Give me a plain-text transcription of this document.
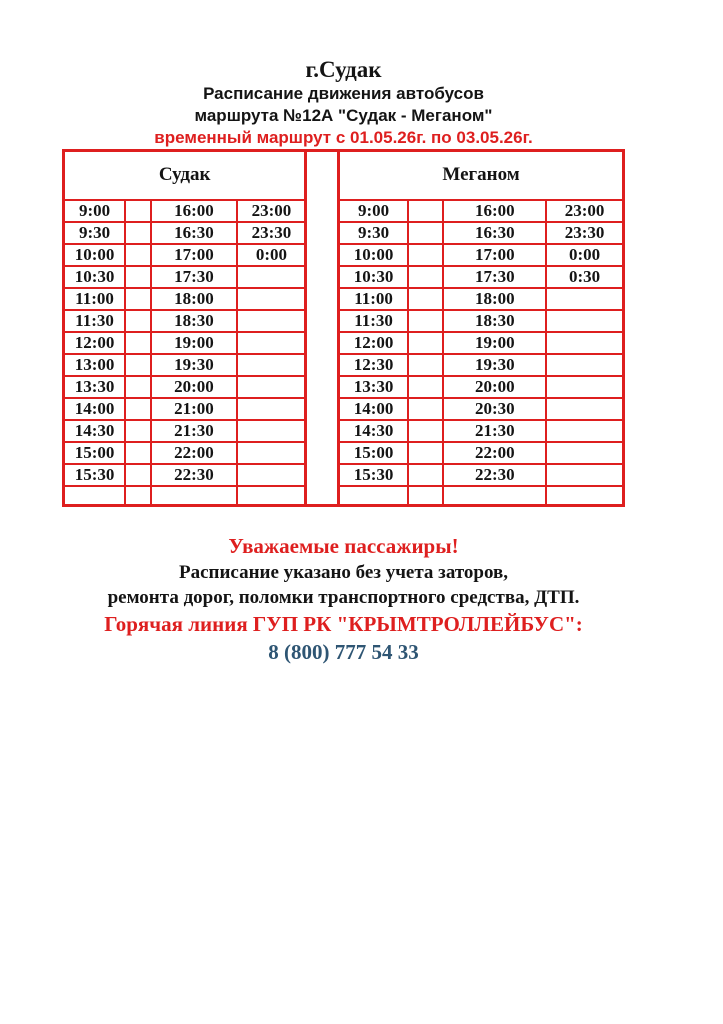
г.Судак
Расписание движения автобусов
маршрута №12А "Судак - Меганом"
временный маршрут с 01.05.26г. по 03.05.26г.
Судак			
9:00		16:00	23:00
9:30		16:30	23:30
10:00		17:00	0:00
10:30		17:30	
11:00		18:00	
11:30		18:30	
12:00		19:00	
13:00		19:30	
13:30		20:00	
14:00		21:00	
14:30		21:30	
15:00		22:00	
15:30		22:30	

Меганом			
9:00		16:00	23:00
9:30		16:30	23:30
10:00		17:00	0:00
10:30		17:30	0:30
11:00		18:00	
11:30		18:30	
12:00		19:00	
12:30		19:30	
13:30		20:00	
14:00		20:30	
14:30		21:30	
15:00		22:00	
15:30		22:30	

Уважаемые пассажиры!
Расписание указано без учета заторов,
ремонта дорог, поломки транспортного средства, ДТП.
Горячая линия ГУП РК "КРЫМТРОЛЛЕЙБУС":
8 (800) 777 54 33
